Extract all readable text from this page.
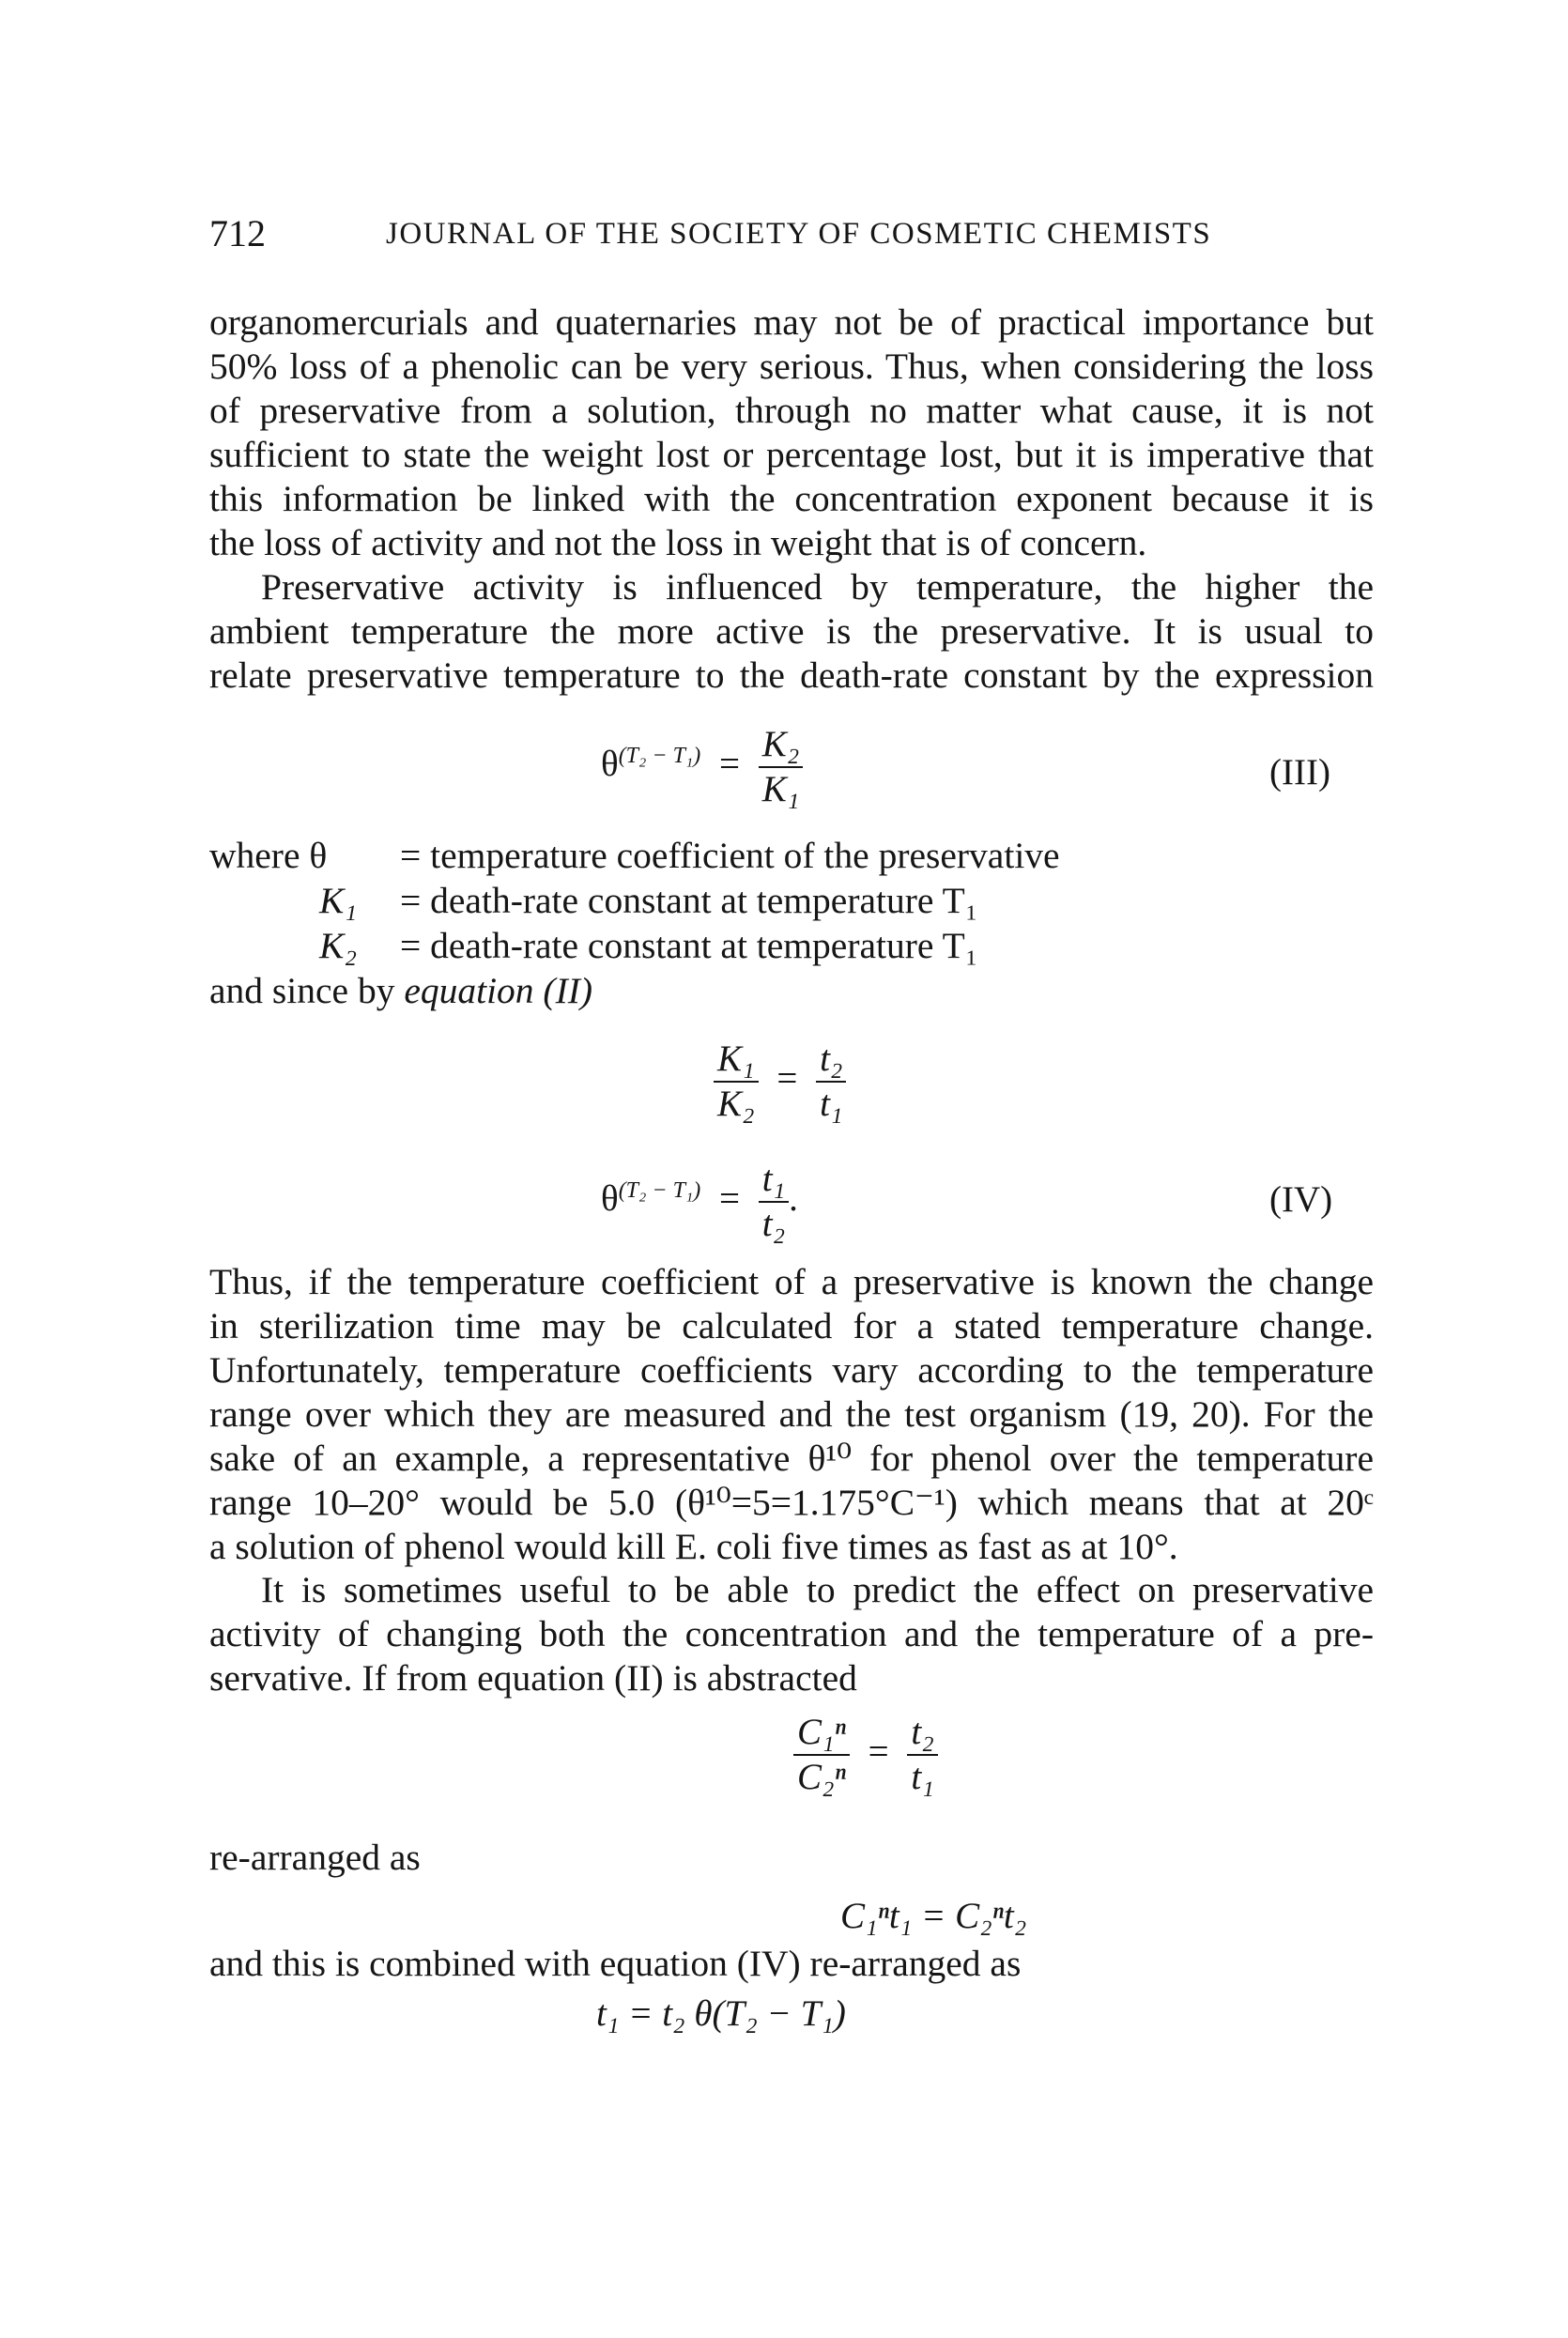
712	JOURNAL OF THE SOCIETY OF COSMETIC CHEMISTS
organomercurials and quaternaries may not be of practical importance but
50% loss of a phenolic can be very serious. Thus, when considering the loss
of preservative from a solution, through no matter what cause, it is not
sufficient to state the weight lost or percentage lost, but it is imperative that
this information be linked with the concentration exponent because it is
the loss of activity and not the loss in weight that is of concern.
Preservative activity is influenced by temperature, the higher the
ambient temperature the more active is the preservative. It is usual to
relate preservative temperature to the death-rate constant by the expression
$\theta^{(T_2 - T_1)} = \frac{\text{K₂}}{\text{K₁}}$	(III)
where θ = temperature coefficient of the preservative
K₁ = death-rate constant at temperature T₁
K₂ = death-rate constant at temperature T₁
and since by equation (II)
$\frac{\text{K₁}}{\text{K₂}} = \frac{\text{t₂}}{\text{t₁}}$
$\theta^{(T_2 - T_1)} = \frac{\text{t₁}}{\text{t₂}}$ .	(IV)
Thus, if the temperature coefficient of a preservative is known the change
in sterilization time may be calculated for a stated temperature change.
Unfortunately, temperature coefficients vary according to the temperature
range over which they are measured and the test organism (19, 20). For the
sake of an example, a representative θ¹⁰ for phenol over the temperature
range 10–20° would be 5.0 (θ¹⁰=5=1.175°C⁻¹) which means that at 20ᶜ
a solution of phenol would kill E. coli five times as fast as at 10°.
It is sometimes useful to be able to predict the effect on preservative
activity of changing both the concentration and the temperature of a pre-
servative. If from equation (II) is abstracted
$\frac{\text{C₁ⁿ}}{\text{C₂ⁿ}} = \frac{\text{t₂}}{\text{t₁}}$
re-arranged as
C₁ⁿt₁ = C₂ⁿt₂
and this is combined with equation (IV) re-arranged as
t₁ = t₂ θ(T₂ − T₁)
